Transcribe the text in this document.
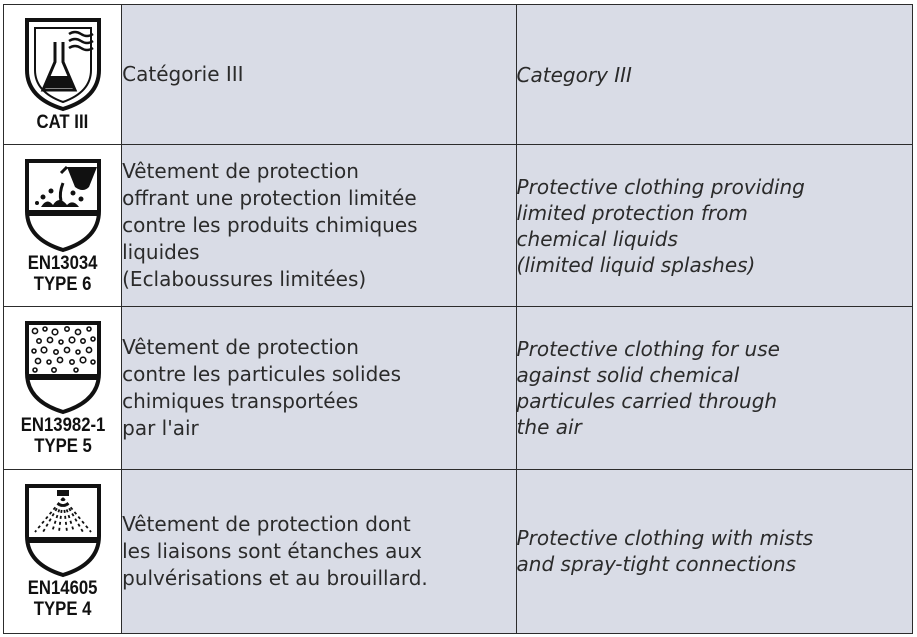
CAT III	Catégorie III	Category III

EN13034
TYPE 6	Vêtement de protection
offrant une protection limitée
contre les produits chimiques
liquides
(Eclaboussures limitées)	Protective clothing providing
limited protection from
chemical liquids
(limited liquid splashes)

EN13982-1
TYPE 5	Vêtement de protection
contre les particules solides
chimiques transportées
par l'air	Protective clothing for use
against solid chemical
particules carried through
the air

EN14605
TYPE 4	Vêtement de protection dont
les liaisons sont étanches aux
pulvérisations et au brouillard.	Protective clothing with mists
and spray-tight connections
